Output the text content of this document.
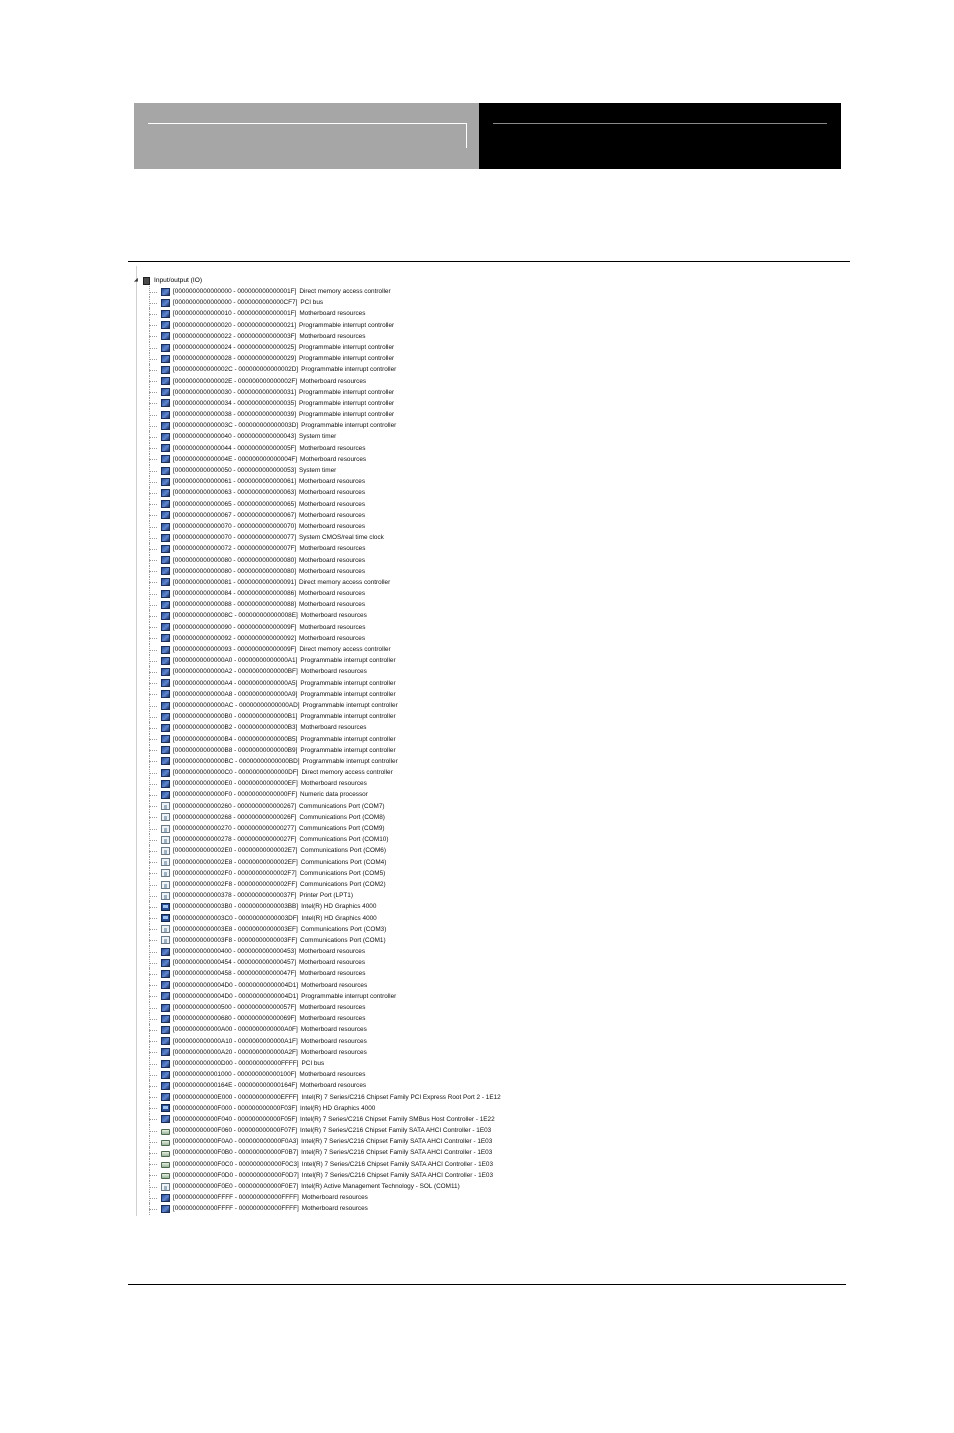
◢	Input/output (IO)
[0000000000000000 - 000000000000001F] Direct memory access controller
[0000000000000000 - 0000000000000CF7] PCI bus
[0000000000000010 - 000000000000001F] Motherboard resources
[0000000000000020 - 0000000000000021] Programmable interrupt controller
[0000000000000022 - 000000000000003F] Motherboard resources
[0000000000000024 - 0000000000000025] Programmable interrupt controller
[0000000000000028 - 0000000000000029] Programmable interrupt controller
[000000000000002C - 000000000000002D] Programmable interrupt controller
[000000000000002E - 000000000000002F] Motherboard resources
[0000000000000030 - 0000000000000031] Programmable interrupt controller
[0000000000000034 - 0000000000000035] Programmable interrupt controller
[0000000000000038 - 0000000000000039] Programmable interrupt controller
[000000000000003C - 000000000000003D] Programmable interrupt controller
[0000000000000040 - 0000000000000043] System timer
[0000000000000044 - 000000000000005F] Motherboard resources
[000000000000004E - 000000000000004F] Motherboard resources
[0000000000000050 - 0000000000000053] System timer
[0000000000000061 - 0000000000000061] Motherboard resources
[0000000000000063 - 0000000000000063] Motherboard resources
[0000000000000065 - 0000000000000065] Motherboard resources
[0000000000000067 - 0000000000000067] Motherboard resources
[0000000000000070 - 0000000000000070] Motherboard resources
[0000000000000070 - 0000000000000077] System CMOS/real time clock
[0000000000000072 - 000000000000007F] Motherboard resources
[0000000000000080 - 0000000000000080] Motherboard resources
[0000000000000080 - 0000000000000080] Motherboard resources
[0000000000000081 - 0000000000000091] Direct memory access controller
[0000000000000084 - 0000000000000086] Motherboard resources
[0000000000000088 - 0000000000000088] Motherboard resources
[000000000000008C - 000000000000008E] Motherboard resources
[0000000000000090 - 000000000000009F] Motherboard resources
[0000000000000092 - 0000000000000092] Motherboard resources
[0000000000000093 - 000000000000009F] Direct memory access controller
[00000000000000A0 - 00000000000000A1] Programmable interrupt controller
[00000000000000A2 - 00000000000000BF] Motherboard resources
[00000000000000A4 - 00000000000000A5] Programmable interrupt controller
[00000000000000A8 - 00000000000000A9] Programmable interrupt controller
[00000000000000AC - 00000000000000AD] Programmable interrupt controller
[00000000000000B0 - 00000000000000B1] Programmable interrupt controller
[00000000000000B2 - 00000000000000B3] Motherboard resources
[00000000000000B4 - 00000000000000B5] Programmable interrupt controller
[00000000000000B8 - 00000000000000B9] Programmable interrupt controller
[00000000000000BC - 00000000000000BD] Programmable interrupt controller
[00000000000000C0 - 00000000000000DF] Direct memory access controller
[00000000000000E0 - 00000000000000EF] Motherboard resources
[00000000000000F0 - 00000000000000FF] Numeric data processor
[0000000000000260 - 0000000000000267] Communications Port (COM7)
[0000000000000268 - 000000000000026F] Communications Port (COM8)
[0000000000000270 - 0000000000000277] Communications Port (COM9)
[0000000000000278 - 000000000000027F] Communications Port (COM10)
[00000000000002E0 - 00000000000002E7] Communications Port (COM6)
[00000000000002E8 - 00000000000002EF] Communications Port (COM4)
[00000000000002F0 - 00000000000002F7] Communications Port (COM5)
[00000000000002F8 - 00000000000002FF] Communications Port (COM2)
[0000000000000378 - 000000000000037F] Printer Port (LPT1)
[00000000000003B0 - 00000000000003BB] Intel(R) HD Graphics 4000
[00000000000003C0 - 00000000000003DF] Intel(R) HD Graphics 4000
[00000000000003E8 - 00000000000003EF] Communications Port (COM3)
[00000000000003F8 - 00000000000003FF] Communications Port (COM1)
[0000000000000400 - 0000000000000453] Motherboard resources
[0000000000000454 - 0000000000000457] Motherboard resources
[0000000000000458 - 000000000000047F] Motherboard resources
[00000000000004D0 - 00000000000004D1] Motherboard resources
[00000000000004D0 - 00000000000004D1] Programmable interrupt controller
[0000000000000500 - 000000000000057F] Motherboard resources
[0000000000000680 - 000000000000069F] Motherboard resources
[0000000000000A00 - 0000000000000A0F] Motherboard resources
[0000000000000A10 - 0000000000000A1F] Motherboard resources
[0000000000000A20 - 0000000000000A2F] Motherboard resources
[0000000000000D00 - 000000000000FFFF] PCI bus
[0000000000001000 - 000000000000100F] Motherboard resources
[000000000000164E - 000000000000164F] Motherboard resources
[000000000000E000 - 000000000000EFFF] Intel(R) 7 Series/C216 Chipset Family PCI Express Root Port 2 - 1E12
[000000000000F000 - 000000000000F03F] Intel(R) HD Graphics 4000
[000000000000F040 - 000000000000F05F] Intel(R) 7 Series/C216 Chipset Family SMBus Host Controller - 1E22
[000000000000F060 - 000000000000F07F] Intel(R) 7 Series/C216 Chipset Family SATA AHCI Controller - 1E03
[000000000000F0A0 - 000000000000F0A3] Intel(R) 7 Series/C216 Chipset Family SATA AHCI Controller - 1E03
[000000000000F0B0 - 000000000000F0B7] Intel(R) 7 Series/C216 Chipset Family SATA AHCI Controller - 1E03
[000000000000F0C0 - 000000000000F0C3] Intel(R) 7 Series/C216 Chipset Family SATA AHCI Controller - 1E03
[000000000000F0D0 - 000000000000F0D7] Intel(R) 7 Series/C216 Chipset Family SATA AHCI Controller - 1E03
[000000000000F0E0 - 000000000000F0E7] Intel(R) Active Management Technology - SOL (COM11)
[000000000000FFFF - 000000000000FFFF] Motherboard resources
[000000000000FFFF - 000000000000FFFF] Motherboard resources
